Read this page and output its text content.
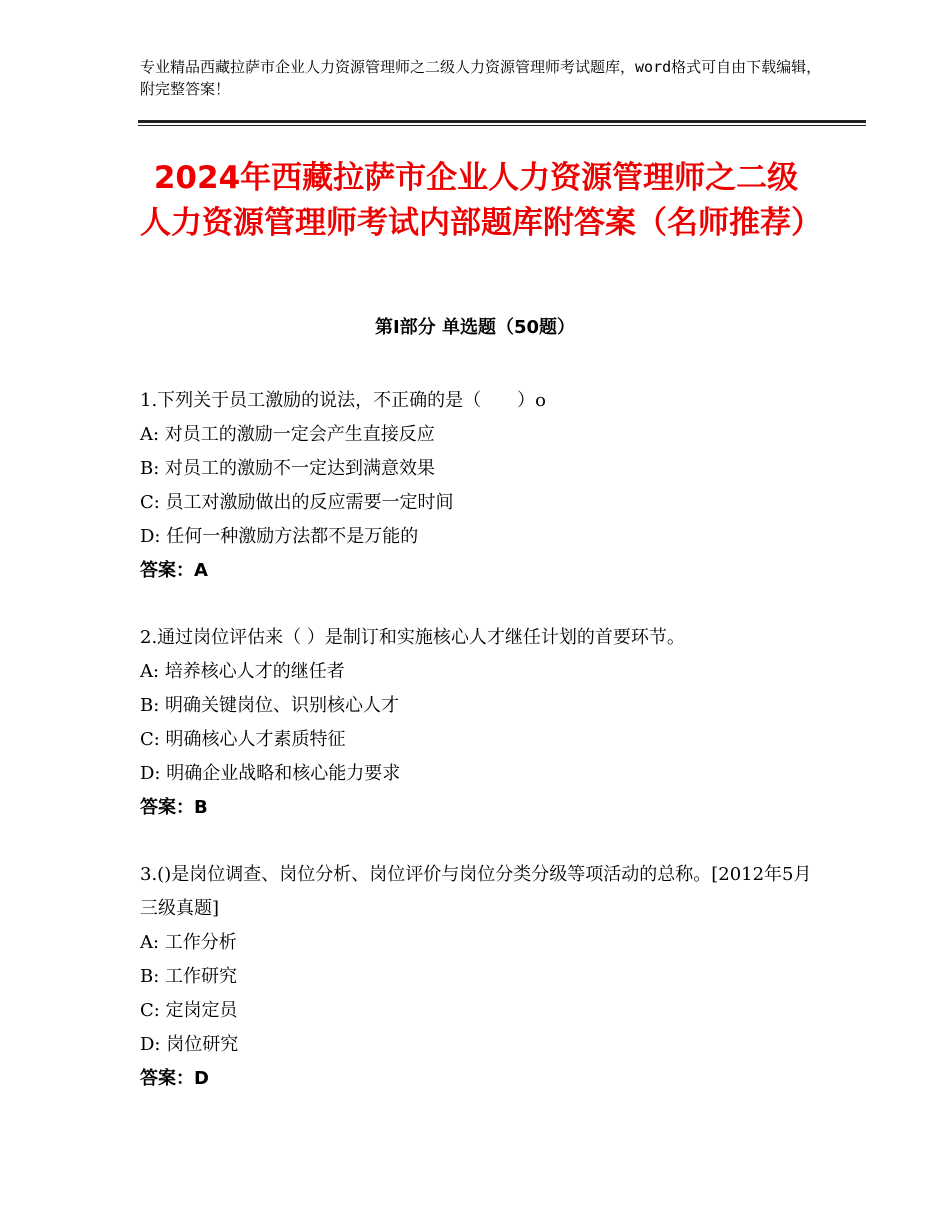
专业精品西藏拉萨市企业人力资源管理师之二级人力资源管理师考试题库，word格式可自由下载编辑，附完整答案！
2024年西藏拉萨市企业人力资源管理师之二级人力资源管理师考试内部题库附答案（名师推荐）
第Ⅰ部分 单选题（50题）
1.下列关于员工激励的说法，不正确的是（　　）o
A: 对员工的激励一定会产生直接反应
B: 对员工的激励不一定达到满意效果
C: 员工对激励做出的反应需要一定时间
D: 任何一种激励方法都不是万能的
答案：A
2.通过岗位评估来（ ）是制订和实施核心人才继任计划的首要环节。
A: 培养核心人才的继任者
B: 明确关键岗位、识别核心人才
C: 明确核心人才素质特征
D: 明确企业战略和核心能力要求
答案：B
3.()是岗位调查、岗位分析、岗位评价与岗位分类分级等项活动的总称。[2012年5月三级真题]
A: 工作分析
B: 工作研究
C: 定岗定员
D: 岗位研究
答案：D
